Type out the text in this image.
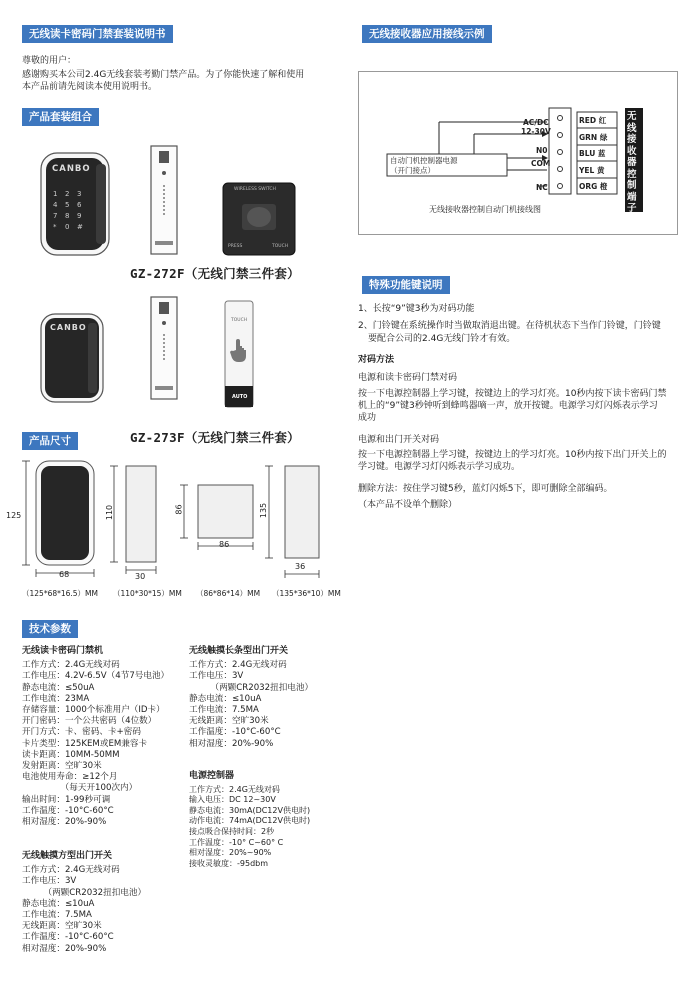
无线读卡密码门禁套装说明书
尊敬的用户：
感谢购买本公司2.4G无线套装考勤门禁产品。为了你能快速了解和使用
本产品前请先阅读本使用说明书。
产品套装组合
CANBO
1	2	3
4	5	6
7	8	9
*	0	#
WIRELESS SWITCH
PRESS	TOUCH
GZ-272F（无线门禁三件套）
CANBO
TOUCH
AUTO
GZ-273F（无线门禁三件套）
产品尺寸
125
68
110
30
86
86
135
36
（125*68*16.5）MM （110*30*15）MM （86*86*14）MM （135*36*10）MM
技术参数
无线读卡密码门禁机
工作方式：2.4G无线对码
工作电压：4.2V-6.5V（4节7号电池）
静态电流：≤50uA
工作电流：23MA
存储容量：1000个标准用户（ID卡）
开门密码：一个公共密码（4位数）
开门方式：卡、密码、卡+密码
卡片类型：125KEM或EM兼容卡
读卡距离：10MM-50MM
发射距离：空旷30米
电池使用寿命：≥12个月
　　　　　（每天开100次内）
输出时间：1-99秒可调
工作温度：-10°C-60°C
相对湿度：20%-90%
无线触摸方型出门开关
工作方式：2.4G无线对码
工作电压：3V
　　　（两颗CR2032扭扣电池）
静态电流：≤10uA
工作电流：7.5MA
无线距离：空旷30米
工作温度：-10°C-60°C
相对湿度：20%-90%
无线触摸长条型出门开关
工作方式：2.4G无线对码
工作电压：3V
　　　（两颗CR2032扭扣电池）
静态电流：≤10uA
工作电流：7.5MA
无线距离：空旷30米
工作温度：-10°C-60°C
相对湿度：20%-90%
电源控制器
工作方式：2.4G无线对码
输入电压：DC 12~30V
静态电流：30mA(DC12V供电时)
动作电流：74mA(DC12V供电时)
接点吸合保持时间：2秒
工作温度：-10° C~60° C
相对湿度：20%~90%
接收灵敏度：-95dbm
无线接收器应用接线示例
AC/DC
12-30V
N0
COM
NC
自动门机控制器电源
（开门接点）
无线接收器控制自动门机接线图
RED 红
GRN 绿
BLU 蓝
YEL 黄
ORG 橙
无线接收器控制端子
特殊功能键说明
1、长按“9”键3秒为对码功能
2、门铃键在系统操作时当做取消退出键。在待机状态下当作门铃键，门铃键
要配合公司的2.4G无线门铃才有效。
对码方法
电源和读卡密码门禁对码
按一下电源控制器上学习键，按键边上的学习灯亮。10秒内按下读卡密码门禁
机上的“9”键3秒钟听到蜂鸣器嘀一声，放开按键。电源学习灯闪烁表示学习
成功
电源和出门开关对码
按一下电源控制器上学习键，按键边上的学习灯亮。10秒内按下出门开关上的
学习键。电源学习灯闪烁表示学习成功。
删除方法：按住学习键5秒，蓝灯闪烁5下，即可删除全部编码。
（本产品不设单个删除）
